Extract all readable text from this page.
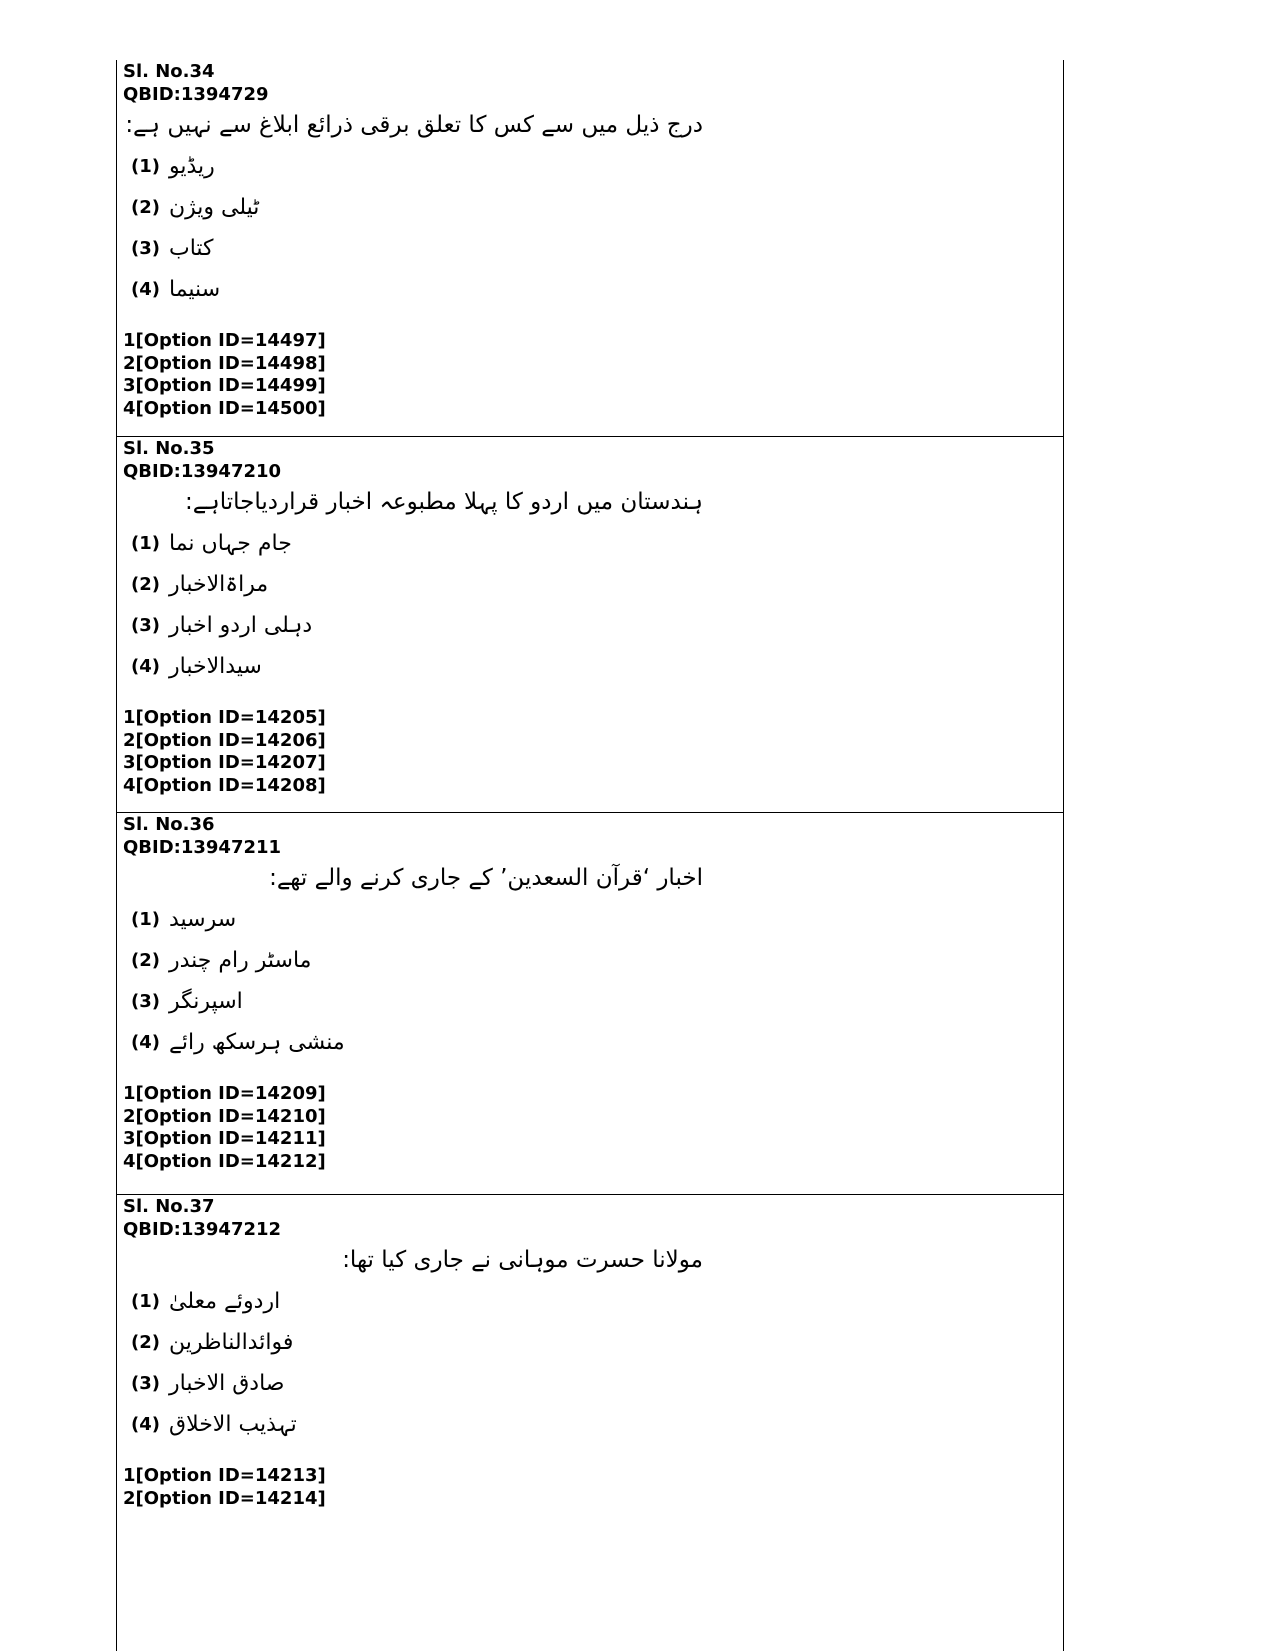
Sl. No.34
QBID:1394729
درج ذیل میں سے کس کا تعلق برقی ذرائع ابلاغ سے نہیں ہے:
(1) ریڈیو
(2) ٹیلی ویژن
(3) کتاب
(4) سنیما
1[Option ID=14497]
2[Option ID=14498]
3[Option ID=14499]
4[Option ID=14500]
Sl. No.35
QBID:13947210
ہندستان میں اردو کا پہلا مطبوعہ اخبار قراردیاجاتاہے:
(1) جام جہاں نما
(2) مراۃالاخبار
(3) دہلی اردو اخبار
(4) سیدالاخبار
1[Option ID=14205]
2[Option ID=14206]
3[Option ID=14207]
4[Option ID=14208]
Sl. No.36
QBID:13947211
اخبار ‘قرآن السعدین’ کے جاری کرنے والے تھے:
(1) سرسید
(2) ماسٹر رام چندر
(3) اسپرنگر
(4) منشی ہرسکھ رائے
1[Option ID=14209]
2[Option ID=14210]
3[Option ID=14211]
4[Option ID=14212]
Sl. No.37
QBID:13947212
مولانا حسرت موہانی نے جاری کیا تھا:
(1) اردوئے معلیٰ
(2) فوائدالناظرین
(3) صادق الاخبار
(4) تہذیب الاخلاق
1[Option ID=14213]
2[Option ID=14214]
